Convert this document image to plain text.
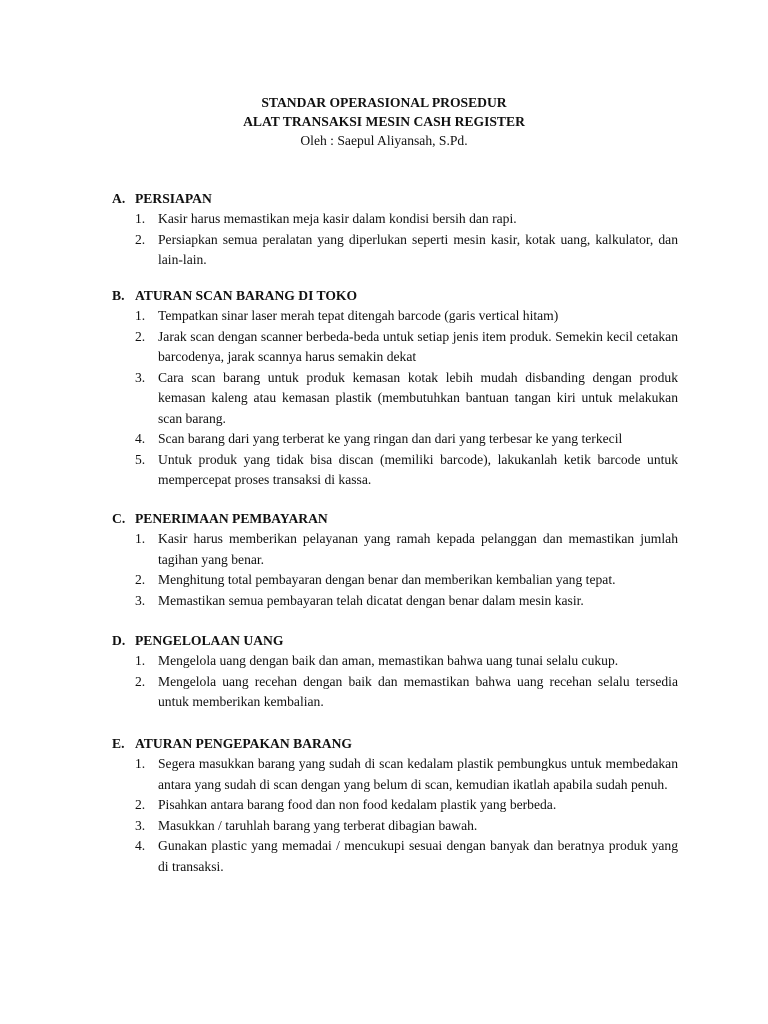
STANDAR OPERASIONAL PROSEDUR
ALAT TRANSAKSI MESIN CASH REGISTER
Oleh : Saepul Aliyansah, S.Pd.
A. PERSIAPAN
1. Kasir harus memastikan meja kasir dalam kondisi bersih dan rapi.
2. Persiapkan semua peralatan yang diperlukan seperti mesin kasir, kotak uang, kalkulator, dan lain-lain.
B. ATURAN SCAN BARANG DI TOKO
1. Tempatkan sinar laser merah tepat ditengah barcode (garis vertical hitam)
2. Jarak scan dengan scanner berbeda-beda untuk setiap jenis item produk. Semekin kecil cetakan barcodenya, jarak scannya harus semakin dekat
3. Cara scan barang untuk produk kemasan kotak lebih mudah disbanding dengan produk kemasan kaleng atau kemasan plastik (membutuhkan bantuan tangan kiri untuk melakukan scan barang.
4. Scan barang dari yang terberat ke yang ringan dan dari yang terbesar ke yang terkecil
5. Untuk produk yang tidak bisa discan (memiliki barcode), lakukanlah ketik barcode untuk mempercepat proses transaksi di kassa.
C. PENERIMAAN PEMBAYARAN
1. Kasir harus memberikan pelayanan yang ramah kepada pelanggan dan memastikan jumlah tagihan yang benar.
2. Menghitung total pembayaran dengan benar dan memberikan kembalian yang tepat.
3. Memastikan semua pembayaran telah dicatat dengan benar dalam mesin kasir.
D. PENGELOLAAN UANG
1. Mengelola uang dengan baik dan aman, memastikan bahwa uang tunai selalu cukup.
2. Mengelola uang recehan dengan baik dan memastikan bahwa uang recehan selalu tersedia untuk memberikan kembalian.
E. ATURAN PENGEPAKAN BARANG
1. Segera masukkan barang yang sudah di scan kedalam plastik pembungkus untuk membedakan antara yang sudah di scan dengan yang belum di scan, kemudian ikatlah apabila sudah penuh.
2. Pisahkan antara barang food dan non food kedalam plastik yang berbeda.
3. Masukkan / taruhlah barang yang terberat dibagian bawah.
4. Gunakan plastic yang memadai / mencukupi sesuai dengan banyak dan beratnya produk yang di transaksi.
